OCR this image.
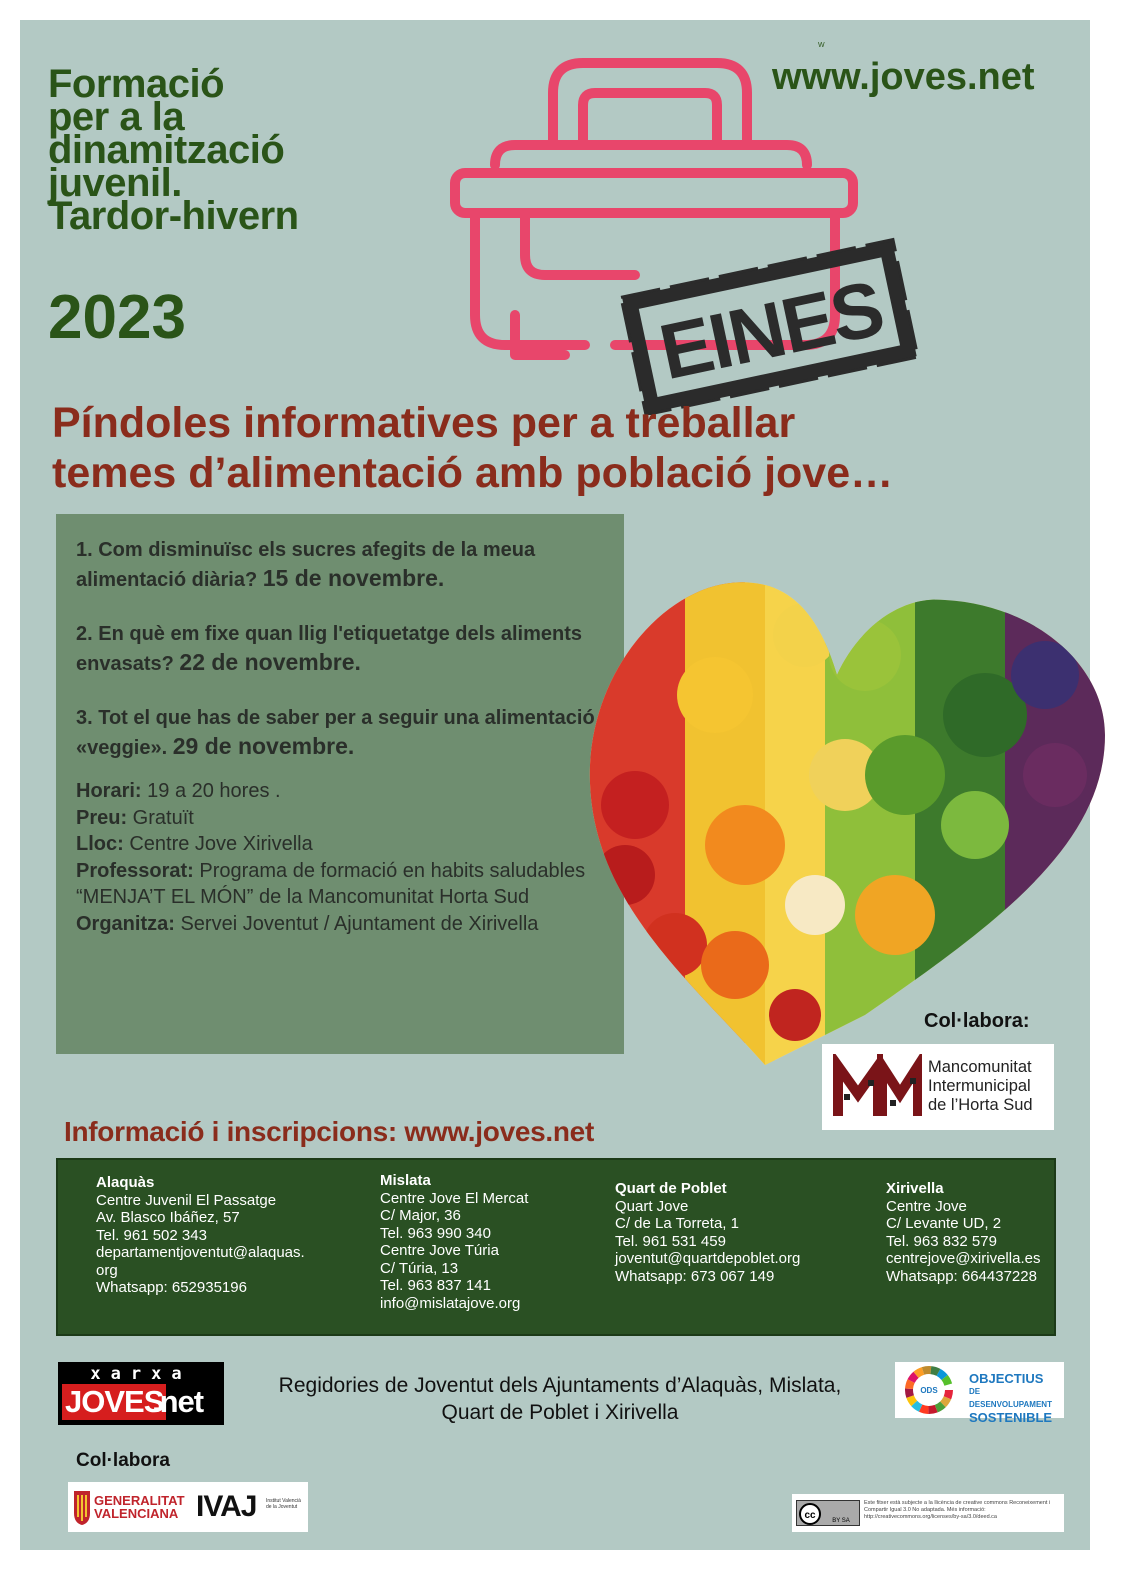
Formació
per a la
dinamització
juvenil.
Tardor-hivern
2023
W
www.joves.net
EINES
Píndoles informatives per a treballar
temes d’alimentació amb població jove…
1. Com disminuïsc els sucres afegits de la meua alimentació diària? 15 de novembre.
2. En què em fixe quan llig l'etiquetatge dels aliments envasats? 22 de novembre.
3. Tot el que has de saber per a seguir una alimentació «veggie». 29 de novembre.
Horari: 19 a 20 hores .
Preu: Gratuït
Lloc: Centre Jove Xirivella
Professorat: Programa de formació en habits saludables “MENJA’T EL MÓN” de la Mancomunitat Horta Sud
Organitza: Servei Joventut / Ajuntament de Xirivella
Col·labora:
Mancomunitat
Intermunicipal
de l’Horta Sud
Informació i inscripcions: www.joves.net
Alaquàs
Centre Juvenil El Passatge
Av. Blasco Ibáñez, 57
Tel. 961 502 343
departamentjoventut@alaquas.
org
Whatsapp: 652935196
Mislata
Centre Jove El Mercat
C/ Major, 36
Tel. 963 990 340
Centre Jove Túria
C/ Túria, 13
Tel. 963 837 141
info@mislatajove.org
Quart de Poblet
Quart Jove
C/ de La Torreta, 1
Tel. 961 531 459
joventut@quartdepoblet.org
Whatsapp: 673 067 149
Xirivella
Centre Jove
C/ Levante UD, 2
Tel. 963 832 579
centrejove@xirivella.es
Whatsapp: 664437228
xarxa
JOVES
.net	Regidories de Joventut dels Ajuntaments d’Alaquàs, Mislata,
Quart de Poblet i Xirivella
ODS
OBJECTIUS
DE DESENVOLUPAMENT
SOSTENIBLE
Col·labora
GENERALITAT
VALENCIANA IVAJ Institut Valencià de la Joventut
cc	BY SA
Este fitxer està subjecte a la llicència de creative commons Reconeixement i Compartir Igual 3.0 No adaptada. Més informació: http://creativecommons.org/licenses/by-sa/3.0/deed.ca
